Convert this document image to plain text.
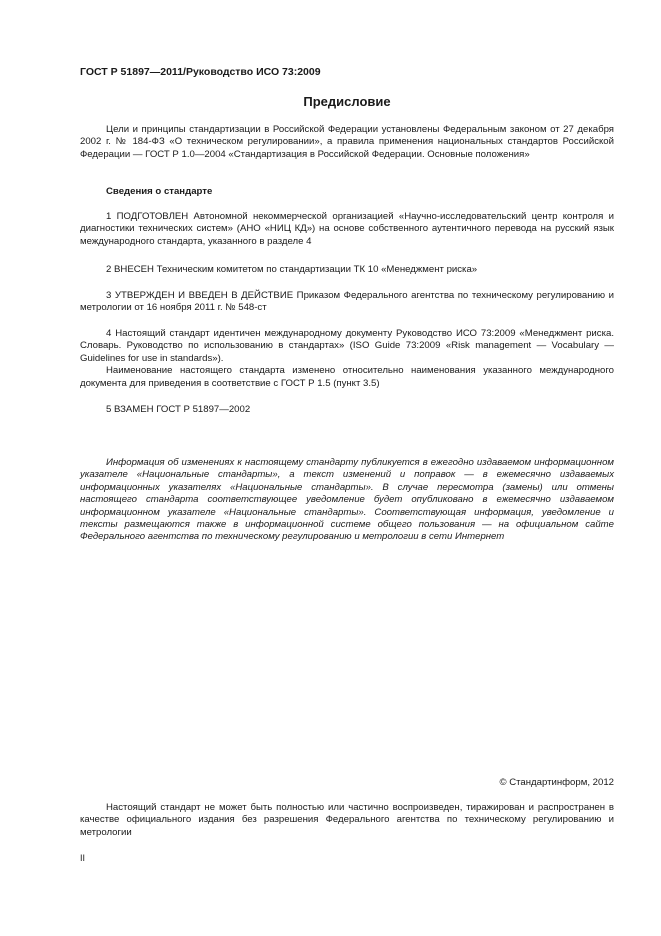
ГОСТ Р 51897—2011/Руководство ИСО 73:2009
Предисловие

Цели и принципы стандартизации в Российской Федерации установлены Федеральным законом от 27 декабря 2002 г. № 184-ФЗ «О техническом регулировании», а правила применения национальных стандартов Российской Федерации — ГОСТ Р 1.0—2004 «Стандартизация в Российской Федерации. Основные положения»

Сведения о стандарте

1 ПОДГОТОВЛЕН Автономной некоммерческой организацией «Научно-исследовательский центр контроля и диагностики технических систем» (АНО «НИЦ КД») на основе собственного аутентичного перевода на русский язык международного стандарта, указанного в разделе 4

2 ВНЕСЕН Техническим комитетом по стандартизации ТК 10 «Менеджмент риска»

3 УТВЕРЖДЕН И ВВЕДЕН В ДЕЙСТВИЕ Приказом Федерального агентства по техническому регулированию и метрологии от 16 ноября 2011 г. № 548-ст

4 Настоящий стандарт идентичен международному документу Руководство ИСО 73:2009 «Менеджмент риска. Словарь. Руководство по использованию в стандартах» (ISO Guide 73:2009 «Risk management — Vocabulary — Guidelines for use in standards»).

Наименование настоящего стандарта изменено относительно наименования указанного международного документа для приведения в соответствие с ГОСТ Р 1.5 (пункт 3.5)

5 ВЗАМЕН ГОСТ Р 51897—2002

Информация об изменениях к настоящему стандарту публикуется в ежегодно издаваемом информационном указателе «Национальные стандарты», а текст изменений и поправок — в ежемесячно издаваемых информационных указателях «Национальные стандарты». В случае пересмотра (замены) или отмены настоящего стандарта соответствующее уведомление будет опубликовано в ежемесячно издаваемом информационном указателе «Национальные стандарты». Соответствующая информация, уведомление и тексты размещаются также в информационной системе общего пользования — на официальном сайте Федерального агентства по техническому регулированию и метрологии в сети Интернет

© Стандартинформ, 2012

Настоящий стандарт не может быть полностью или частично воспроизведен, тиражирован и распространен в качестве официального издания без разрешения Федерального агентства по техническому регулированию и метрологии

II
